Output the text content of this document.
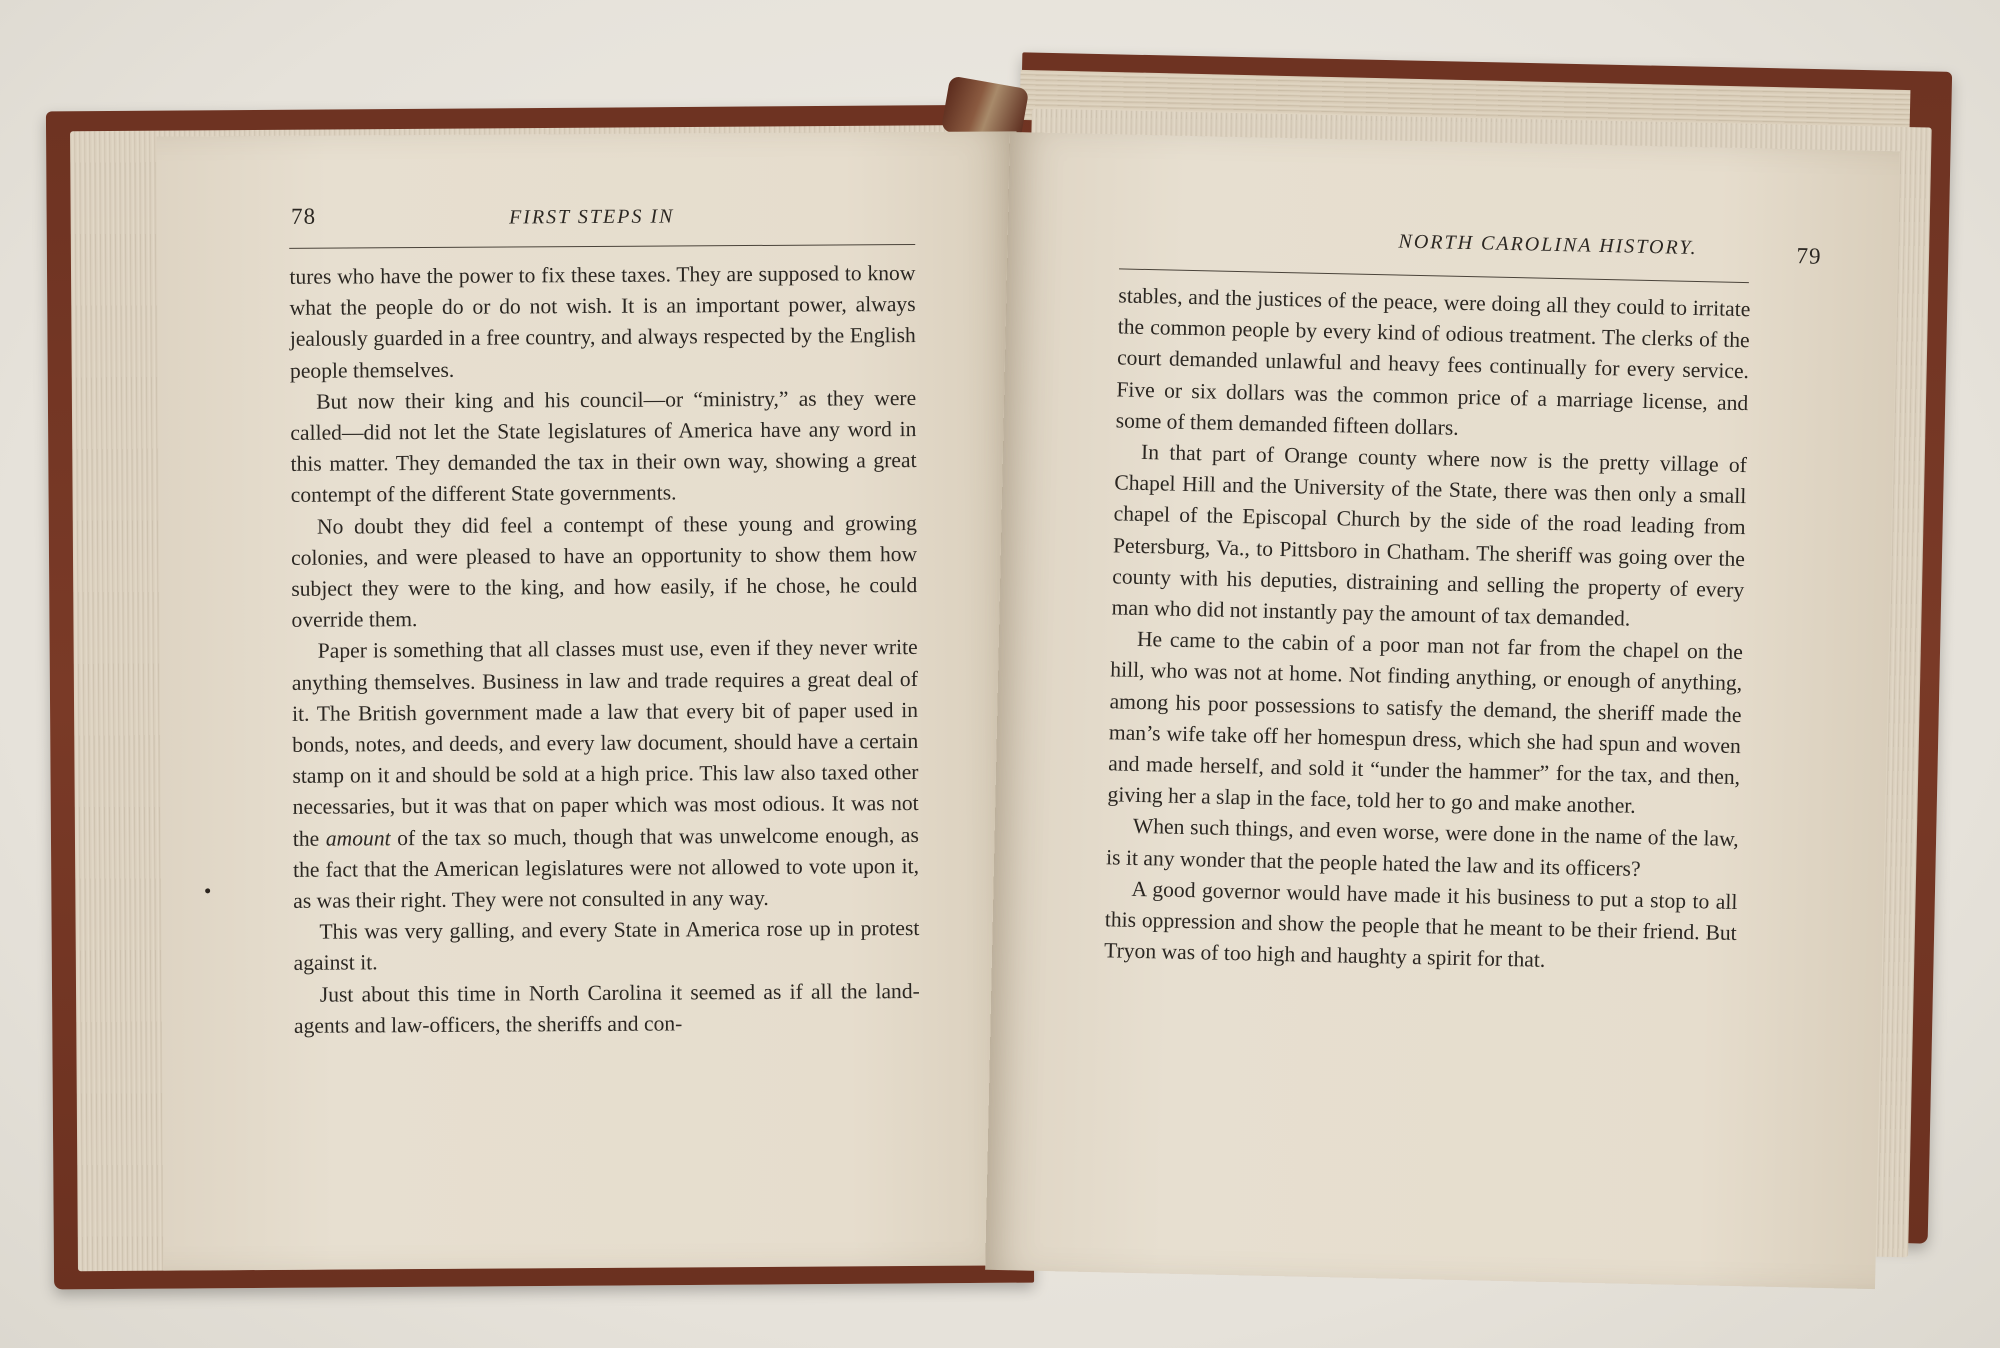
78	FIRST STEPS IN

tures who have the power to fix these taxes. They are supposed to know what the people do or do not wish. It is an important power, always jealously guarded in a free country, and always respected by the English people themselves.

But now their king and his council—or “ministry,” as they were called—did not let the State legislatures of America have any word in this matter. They demanded the tax in their own way, showing a great contempt of the different State governments.

No doubt they did feel a contempt of these young and growing colonies, and were pleased to have an opportunity to show them how subject they were to the king, and how easily, if he chose, he could override them.

Paper is something that all classes must use, even if they never write anything themselves. Business in law and trade requires a great deal of it. The British government made a law that every bit of paper used in bonds, notes, and deeds, and every law document, should have a certain stamp on it and should be sold at a high price. This law also taxed other necessaries, but it was that on paper which was most odious. It was not the amount of the tax so much, though that was unwelcome enough, as the fact that the American legislatures were not allowed to vote upon it, as was their right. They were not consulted in any way.

This was very galling, and every State in America rose up in protest against it.

Just about this time in North Carolina it seemed as if all the land-agents and law-officers, the sheriffs and con-

NORTH CAROLINA HISTORY.	79

stables, and the justices of the peace, were doing all they could to irritate the common people by every kind of odious treatment. The clerks of the court demanded unlawful and heavy fees continually for every service. Five or six dollars was the common price of a marriage license, and some of them demanded fifteen dollars.

In that part of Orange county where now is the pretty village of Chapel Hill and the University of the State, there was then only a small chapel of the Episcopal Church by the side of the road leading from Petersburg, Va., to Pittsboro in Chatham. The sheriff was going over the county with his deputies, distraining and selling the property of every man who did not instantly pay the amount of tax demanded.

He came to the cabin of a poor man not far from the chapel on the hill, who was not at home. Not finding anything, or enough of anything, among his poor possessions to satisfy the demand, the sheriff made the man’s wife take off her homespun dress, which she had spun and woven and made herself, and sold it “under the hammer” for the tax, and then, giving her a slap in the face, told her to go and make another.

When such things, and even worse, were done in the name of the law, is it any wonder that the people hated the law and its officers?

A good governor would have made it his business to put a stop to all this oppression and show the people that he meant to be their friend. But Tryon was of too high and haughty a spirit for that.
